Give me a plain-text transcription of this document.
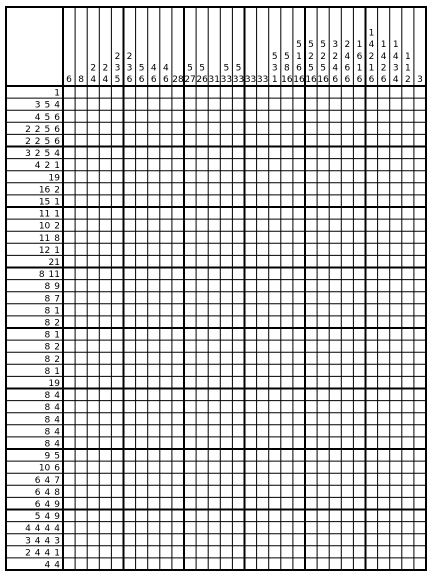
6 8
2
4
2
4
2
3
5
2
3
6
5
6
4
6
4
6 28
5
27
5
26 31
5
33
5
33 33 33
5
3
1
5
8
16
5
1
6
16
5
2
5
16
5
2
5
16
3
2
4
6
2
4
6
6
1
6
1
6
1
4
2
1
6
1
4
2
6
1
4
3
4
1
1
2 3
1
3 5 4
4 5 6
2 2 5 6
2 2 5 6
3 2 5 4
4 2 1
19
16 2
15 1
11 1
10 2
11 8
12 1
21
8 11
8 9
8 7
8 1
8 2
8 1
8 2
8 2
8 1
19
8 4
8 4
8 4
8 4
8 4
9 5
10 6
6 4 7
6 4 8
6 4 9
5 4 9
4 4 4 4
3 4 4 3
2 4 4 1
4 4
